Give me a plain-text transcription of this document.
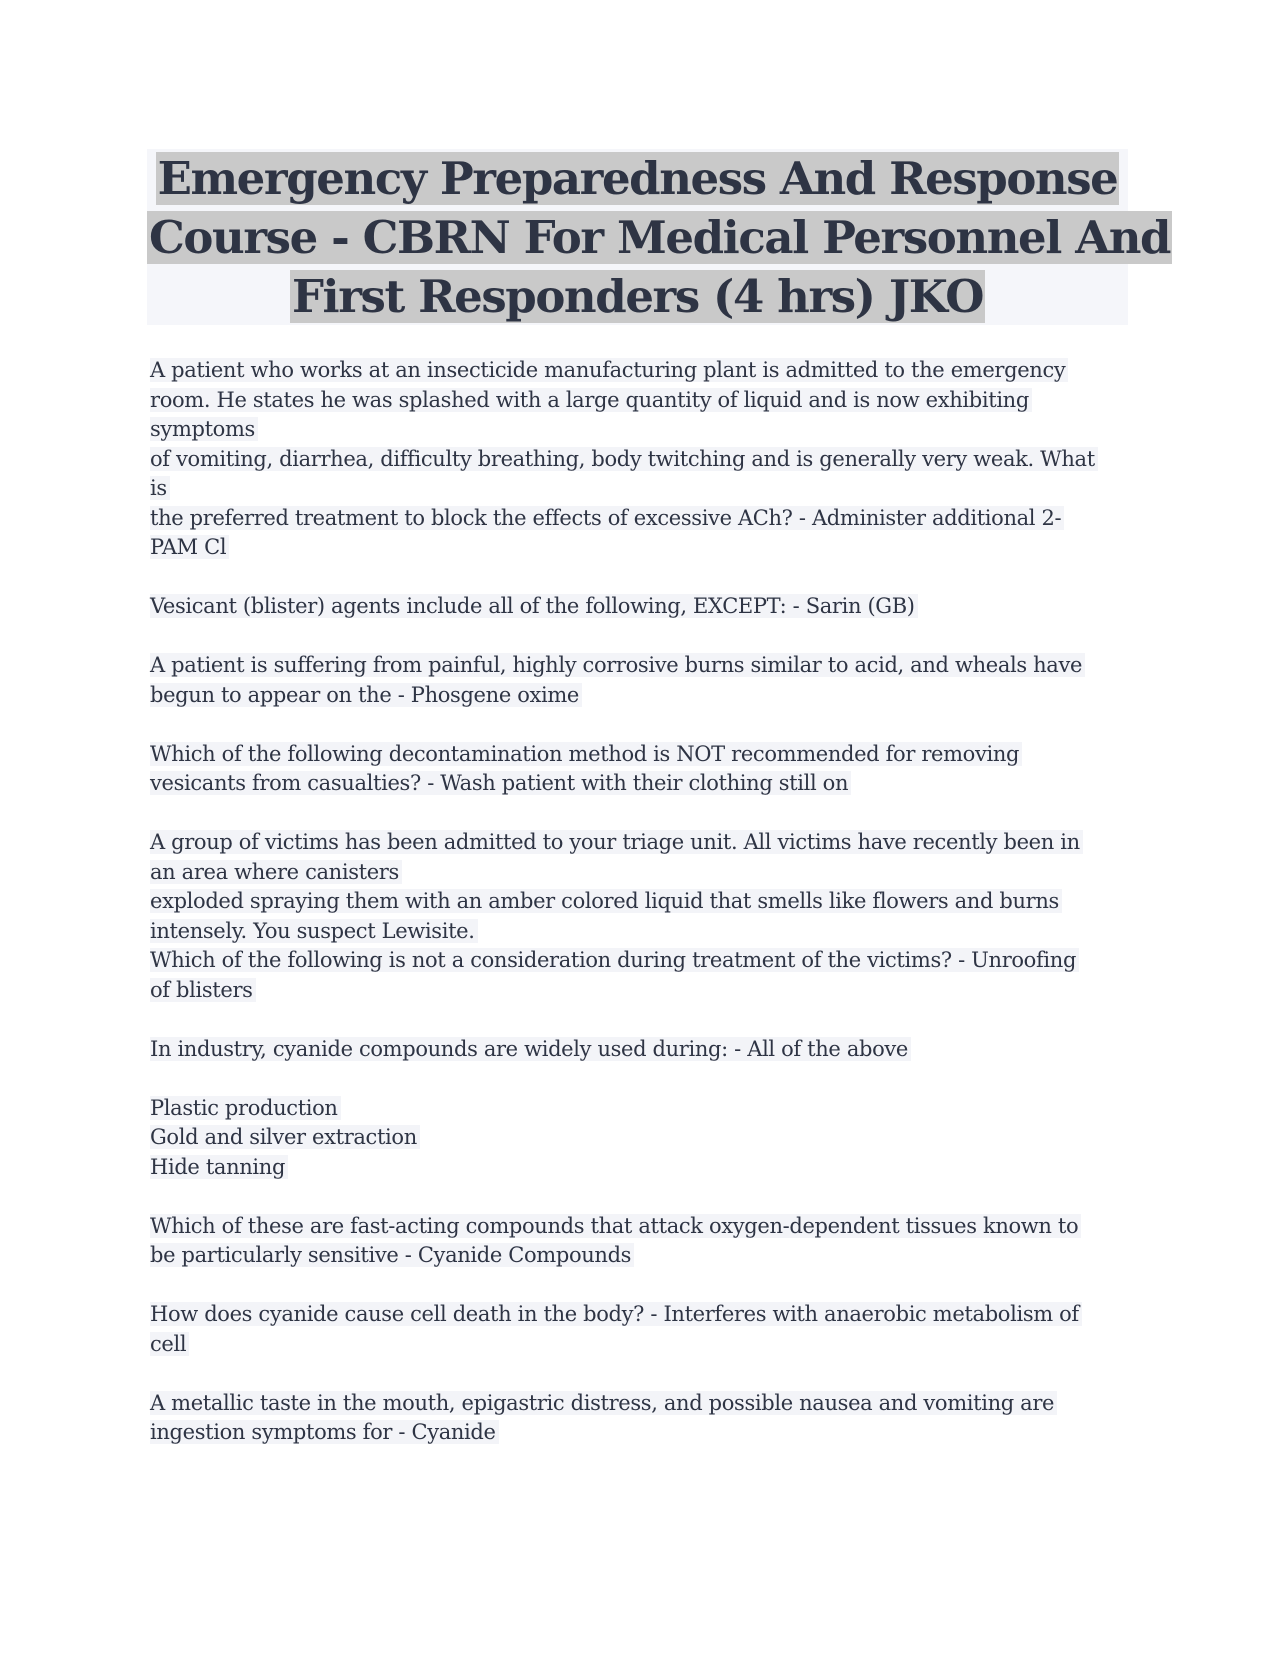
Emergency Preparedness And Response
Course - CBRN For Medical Personnel And
First Responders (4 hrs) JKO
A patient who works at an insecticide manufacturing plant is admitted to the emergency
room. He states he was splashed with a large quantity of liquid and is now exhibiting
symptoms
of vomiting, diarrhea, difficulty breathing, body twitching and is generally very weak. What
is
the preferred treatment to block the effects of excessive ACh? - Administer additional 2-
PAM Cl
Vesicant (blister) agents include all of the following, EXCEPT: - Sarin (GB)
A patient is suffering from painful, highly corrosive burns similar to acid, and wheals have
begun to appear on the - Phosgene oxime
Which of the following decontamination method is NOT recommended for removing
vesicants from casualties? - Wash patient with their clothing still on
A group of victims has been admitted to your triage unit. All victims have recently been in
an area where canisters
exploded spraying them with an amber colored liquid that smells like flowers and burns
intensely. You suspect Lewisite.
Which of the following is not a consideration during treatment of the victims? - Unroofing
of blisters
In industry, cyanide compounds are widely used during: - All of the above
Plastic production
Gold and silver extraction
Hide tanning
Which of these are fast-acting compounds that attack oxygen-dependent tissues known to
be particularly sensitive - Cyanide Compounds
How does cyanide cause cell death in the body? - Interferes with anaerobic metabolism of
cell
A metallic taste in the mouth, epigastric distress, and possible nausea and vomiting are
ingestion symptoms for - Cyanide
